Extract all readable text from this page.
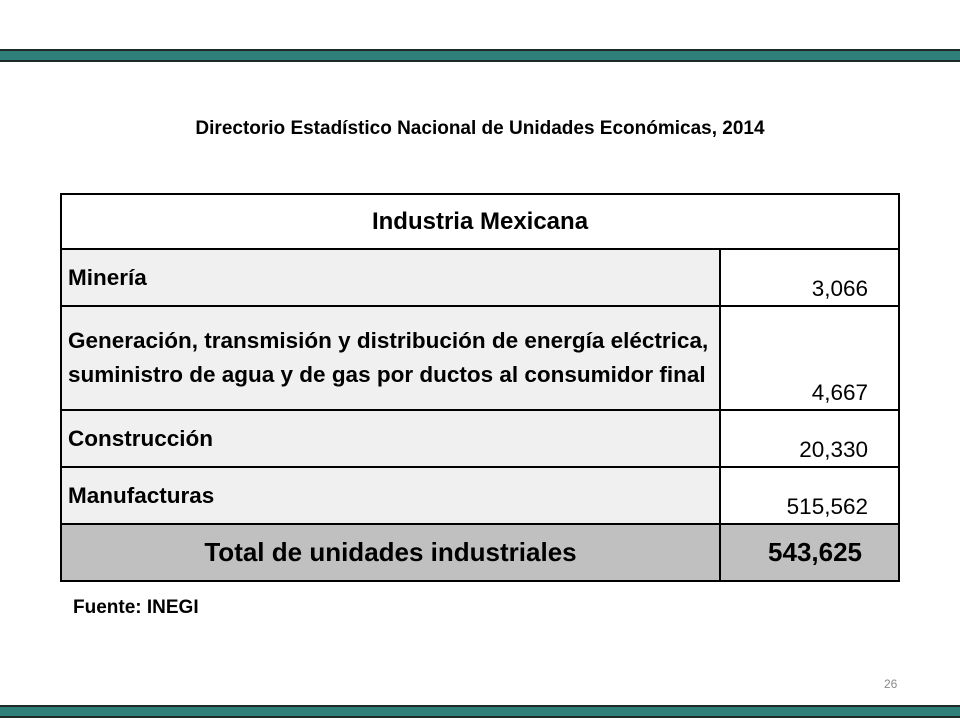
Directorio Estadístico Nacional de Unidades Económicas, 2014
Industria Mexicana	
Minería	3,066
Generación, transmisión y distribución de energía eléctrica, suministro de agua y de gas por ductos al consumidor final	4,667
Construcción	20,330
Manufacturas	515,562
Total de unidades industriales	543,625
Fuente: INEGI
26
